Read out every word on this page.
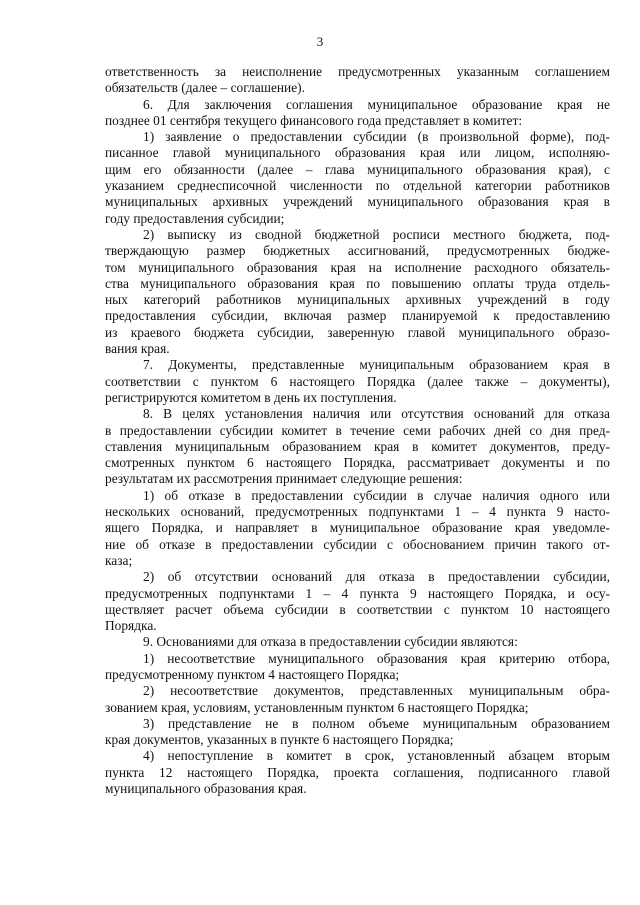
3
ответственность за неисполнение предусмотренных указанным соглашением
обязательств (далее – соглашение).
6. Для заключения соглашения муниципальное образование края не
позднее 01 сентября текущего финансового года представляет в комитет:
1) заявление о предоставлении субсидии (в произвольной форме), под-
писанное главой муниципального образования края или лицом, исполняю-
щим его обязанности (далее – глава муниципального образования края), с
указанием среднесписочной численности по отдельной категории работников
муниципальных архивных учреждений муниципального образования края в
году предоставления субсидии;
2) выписку из сводной бюджетной росписи местного бюджета, под-
тверждающую размер бюджетных ассигнований, предусмотренных бюдже-
том муниципального образования края на исполнение расходного обязатель-
ства муниципального образования края по повышению оплаты труда отдель-
ных категорий работников муниципальных архивных учреждений в году
предоставления субсидии, включая размер планируемой к предоставлению
из краевого бюджета субсидии, заверенную главой муниципального образо-
вания края.
7. Документы, представленные муниципальным образованием края в
соответствии с пунктом 6 настоящего Порядка (далее также – документы),
регистрируются комитетом в день их поступления.
8. В целях установления наличия или отсутствия оснований для отказа
в предоставлении субсидии комитет в течение семи рабочих дней со дня пред-
ставления муниципальным образованием края в комитет документов, преду-
смотренных пунктом 6 настоящего Порядка, рассматривает документы и по
результатам их рассмотрения принимает следующие решения:
1) об отказе в предоставлении субсидии в случае наличия одного или
нескольких оснований, предусмотренных подпунктами 1 – 4 пункта 9 насто-
ящего Порядка, и направляет в муниципальное образование края уведомле-
ние об отказе в предоставлении субсидии с обоснованием причин такого от-
каза;
2) об отсутствии оснований для отказа в предоставлении субсидии,
предусмотренных подпунктами 1 – 4 пункта 9 настоящего Порядка, и осу-
ществляет расчет объема субсидии в соответствии с пунктом 10 настоящего
Порядка.
9. Основаниями для отказа в предоставлении субсидии являются:
1) несоответствие муниципального образования края критерию отбора,
предусмотренному пунктом 4 настоящего Порядка;
2) несоответствие документов, представленных муниципальным обра-
зованием края, условиям, установленным пунктом 6 настоящего Порядка;
3) представление не в полном объеме муниципальным образованием
края документов, указанных в пункте 6 настоящего Порядка;
4) непоступление в комитет в срок, установленный абзацем вторым
пункта 12 настоящего Порядка, проекта соглашения, подписанного главой
муниципального образования края.
